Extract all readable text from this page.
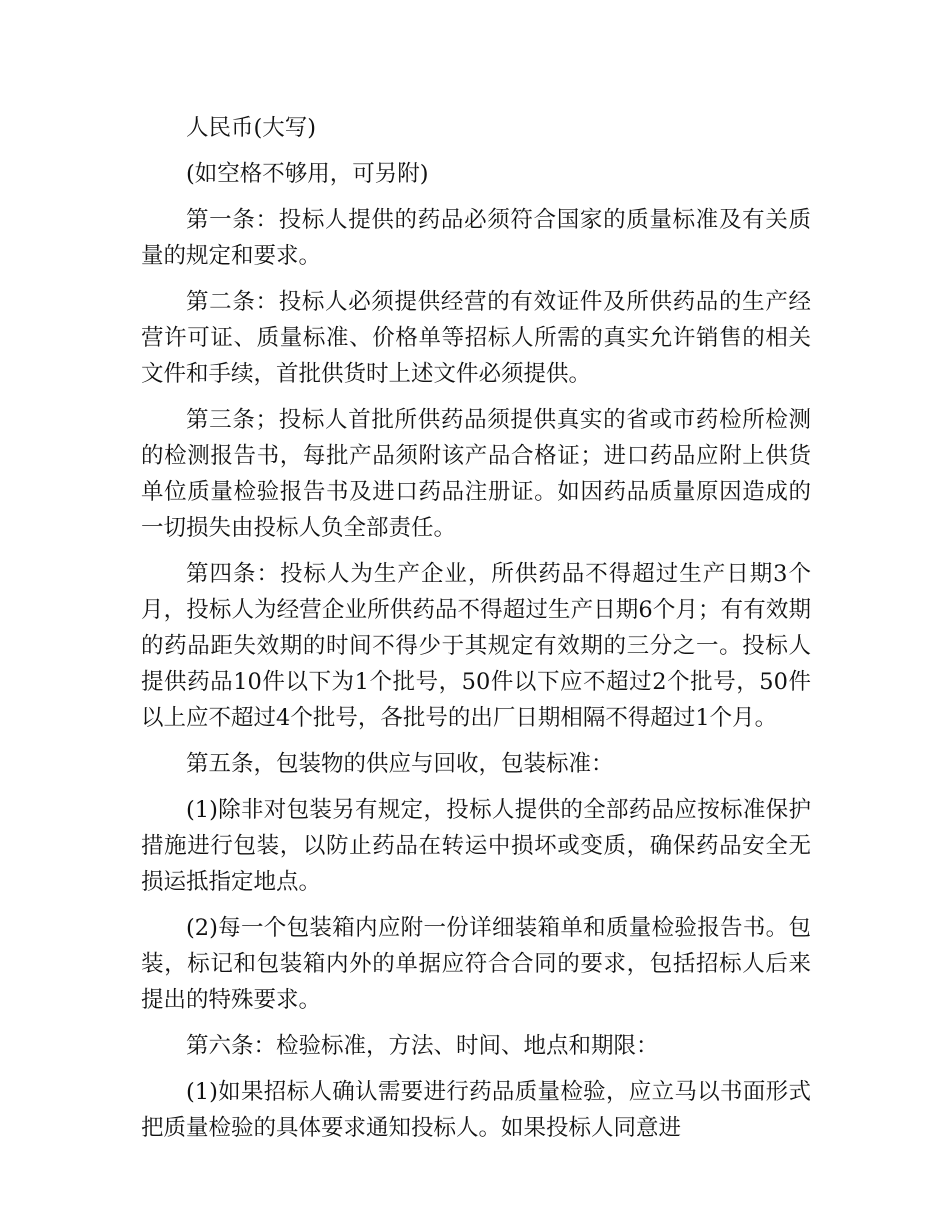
人民币(大写)

(如空格不够用，可另附)

第一条：投标人提供的药品必须符合国家的质量标准及有关质量的规定和要求。

第二条：投标人必须提供经营的有效证件及所供药品的生产经营许可证、质量标准、价格单等招标人所需的真实允许销售的相关文件和手续，首批供货时上述文件必须提供。

第三条；投标人首批所供药品须提供真实的省或市药检所检测的检测报告书，每批产品须附该产品合格证；进口药品应附上供货单位质量检验报告书及进口药品注册证。如因药品质量原因造成的一切损失由投标人负全部责任。

第四条：投标人为生产企业，所供药品不得超过生产日期3个月，投标人为经营企业所供药品不得超过生产日期6个月；有有效期的药品距失效期的时间不得少于其规定有效期的三分之一。投标人提供药品10件以下为1个批号，50件以下应不超过2个批号，50件以上应不超过4个批号，各批号的出厂日期相隔不得超过1个月。

第五条，包装物的供应与回收，包装标准：

(1)除非对包装另有规定，投标人提供的全部药品应按标准保护措施进行包装，以防止药品在转运中损坏或变质，确保药品安全无损运抵指定地点。

(2)每一个包装箱内应附一份详细装箱单和质量检验报告书。包装，标记和包装箱内外的单据应符合合同的要求，包括招标人后来提出的特殊要求。

第六条：检验标准，方法、时间、地点和期限：

(1)如果招标人确认需要进行药品质量检验，应立马以书面形式把质量检验的具体要求通知投标人。如果投标人同意进
